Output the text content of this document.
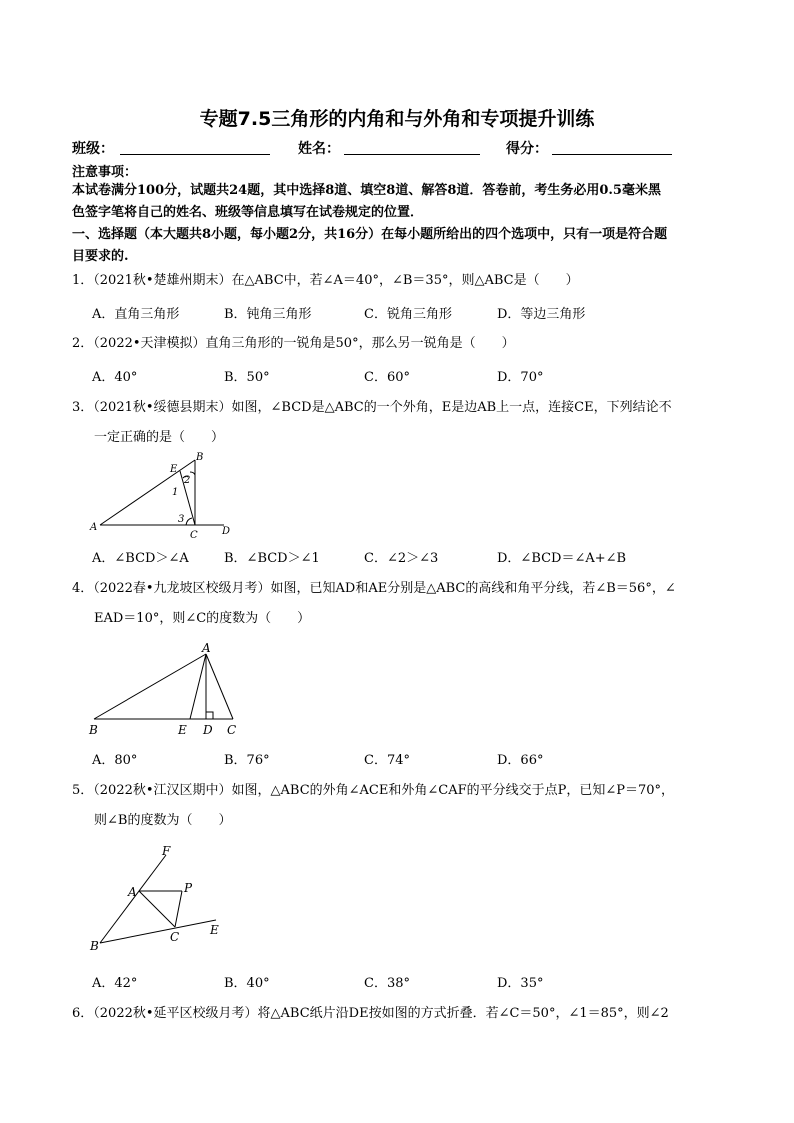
专题7.5三角形的内角和与外角和专项提升训练
班级：	姓名：	得分：
注意事项：
本试卷满分100分，试题共24题，其中选择8道、填空8道、解答8道．答卷前，考生务必用0.5毫米黑
色签字笔将自己的姓名、班级等信息填写在试卷规定的位置．
一、选择题（本大题共8小题，每小题2分，共16分）在每小题所给出的四个选项中，只有一项是符合题
目要求的.
1．（2021秋•楚雄州期末）在△ABC中，若∠A＝40°，∠B＝35°，则△ABC是（　　）
A．直角三角形	B．钝角三角形	C．锐角三角形	D．等边三角形
2．（2022•天津模拟）直角三角形的一锐角是50°，那么另一锐角是（　　）
A．40°	B．50°	C．60°	D．70°
3．（2021秋•绥德县期末）如图，∠BCD是△ABC的一个外角，E是边AB上一点，连接CE，下列结论不
一定正确的是（　　）
A
B
C D
E
2
1
3
A．∠BCD＞∠A	B．∠BCD＞∠1	C．∠2＞∠3	D．∠BCD＝∠A+∠B
4．（2022春•九龙坡区校级月考）如图，已知AD和AE分别是△ABC的高线和角平分线，若∠B＝56°，∠
EAD＝10°，则∠C的度数为（　　）
A
B	C
D
E
A．80°	B．76°	C．74°	D．66°
5．（2022秋•江汉区期中）如图，△ABC的外角∠ACE和外角∠CAF的平分线交于点P，已知∠P＝70°，
则∠B的度数为（　　）
F
A	P
C
B
E
A．42°	B．40°	C．38°	D．35°
6．（2022秋•延平区校级月考）将△ABC纸片沿DE按如图的方式折叠．若∠C＝50°，∠1＝85°，则∠2
